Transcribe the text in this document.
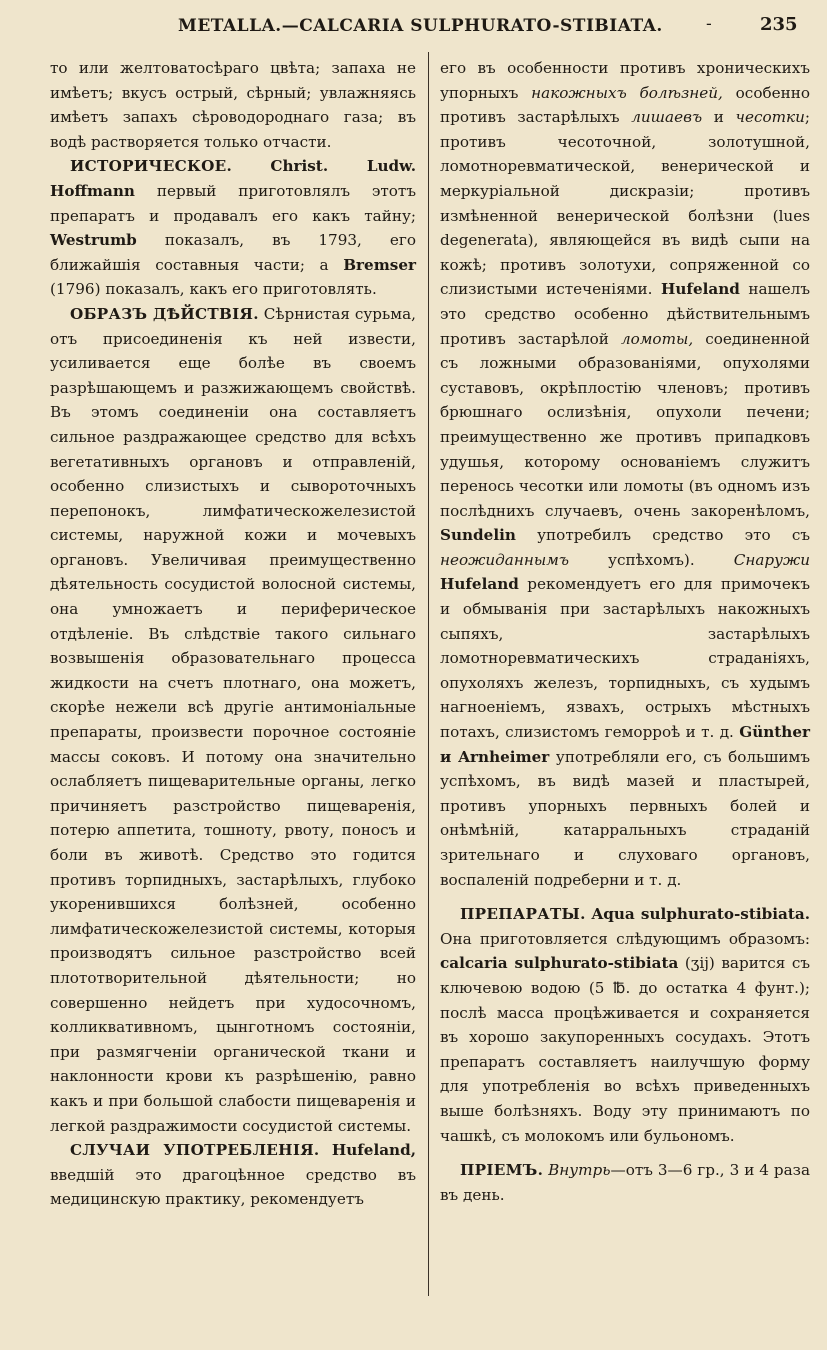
METALLA.—CALCARIA SULPHURATO-STIBIATA.	-	235

то или желтоватосѣраго цвѣта; запаха не имѣетъ; вкусъ острый, сѣрный; увлажняясь имѣетъ запахъ сѣроводороднаго газа; въ водѣ растворяется только отчасти.

ИСТОРИЧЕСКОЕ.	Christ. Ludw. Hoffmann первый приготовлялъ этотъ препаратъ и продавалъ его какъ тайну; Westrumb показалъ, въ 1793, его ближайшія составныя части; а Bremser (1796) показалъ, какъ его приготовлять.

ОБРАЗЪ ДѢЙСТВІЯ. Сѣрнистая сурьма, отъ присоединенія къ ней извести, усиливается еще болѣе въ своемъ разрѣшающемъ и разжижающемъ свойствѣ. Въ этомъ соединеніи она составляетъ сильное раздражающее средство для всѣхъ вегетативныхъ органовъ и отправленій, особенно слизистыхъ и сывороточныхъ перепонокъ, лимфатическожелезистой системы, наружной кожи и мочевыхъ органовъ. Увеличивая преимущественно дѣятельность сосудистой волосной системы, она умножаетъ и периферическое отдѣленіе. Въ слѣдствіе такого сильнаго возвышенія образовательнаго процесса жидкости на счетъ плотнаго, она можетъ, скорѣе нежели всѣ другіе антимоніальные препараты, произвести порочное состояніе массы соковъ. И потому она значительно ослабляетъ пищеварительные органы, легко причиняетъ разстройство пищеваренія, потерю аппетита, тошноту, рвоту, поносъ и боли въ животѣ. Средство это годится противъ торпидныхъ, застарѣлыхъ, глубоко укоренившихся болѣзней, особенно лимфатическожелезистой системы, которыя производятъ сильное разстройство всей плототворительной дѣятельности; но совершенно нейдетъ при худосочномъ, колликвативномъ, цынготномъ состояніи, при размягченіи органической ткани и наклонности крови къ разрѣшенію, равно какъ и при большой слабости пищеваренія и легкой раздражимости сосудистой системы.

СЛУЧАИ УПОТРЕБЛЕНІЯ. Hufeland, введшій это драгоцѣнное средство въ медицинскую практику, рекомендуетъ

его въ особенности противъ хроническихъ упорныхъ накожныхъ болѣзней, особенно противъ застарѣлыхъ лишаевъ и чесотки; противъ чесоточной, золотушной, ломотноревматической, венерической и меркуріальной дискразіи; противъ измѣненной венерической болѣзни (lues degenerata), являющейся въ видѣ сыпи на кожѣ; противъ золотухи, сопряженной со слизистыми истеченіями. Hufeland нашелъ это средство особенно дѣйствительнымъ противъ застарѣлой ломоты, соединенной съ ложными образованіями, опухолями суставовъ, окрѣплостію членовъ; противъ брюшнаго ослизѣнія, опухоли печени; преимущественно же противъ припадковъ удушья, которому основаніемъ служитъ перенось чесотки или ломоты (въ одномъ изъ послѣднихъ случаевъ, очень закоренѣломъ, Sundelin употребилъ средство это съ неожиданнымъ успѣхомъ). Снаружи Hufeland рекомендуетъ его для примочекъ и обмыванія при застарѣлыхъ накожныхъ сыпяхъ, застарѣлыхъ ломотноревматическихъ страданіяхъ, опухоляхъ железъ, торпидныхъ, съ худымъ нагноеніемъ, язвахъ, острыхъ мѣстныхъ потахъ, слизистомъ геморроѣ и т. д. Günther и Arnheimer употребляли его, съ большимъ успѣхомъ, въ видѣ мазей и пластырей, противъ упорныхъ первныхъ болей и онѣмѣній, катарральныхъ страданій зрительнаго и слуховаго органовъ, воспаленій подреберни и т. д.

ПРЕПАРАТЫ. Aqua sulphurato-stibiata. Она приготовляется слѣдующимъ образомъ: calcaria sulphurato-stibiata (ʒij) варится съ ключевою водою (5 ℔. до остатка 4 фунт.); послѣ масса процѣживается и сохраняется въ хорошо закупоренныхъ сосудахъ. Этотъ препаратъ составляетъ наилучшую форму для употребленія во всѣхъ приведенныхъ выше болѣзняхъ. Воду эту принимаютъ по чашкѣ, съ молокомъ или бульономъ.

ПРІЕМЪ. Внутрь—отъ 3—6 гр., 3 и 4 раза въ день.
